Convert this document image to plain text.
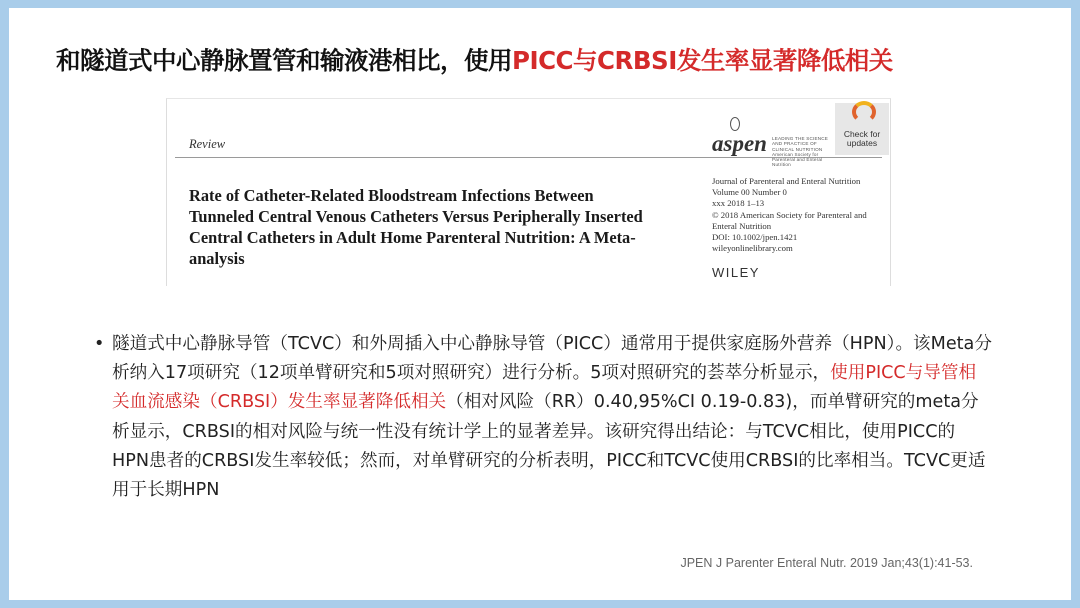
和隧道式中心静脉置管和输液港相比，使用PICC与CRBSI发生率显著降低相关
Review
Rate of Catheter-Related Bloodstream Infections Between Tunneled Central Venous Catheters Versus Peripherally Inserted Central Catheters in Adult Home Parenteral Nutrition: A Meta-analysis
aspen LEADING THE SCIENCE AND PRACTICE OF CLINICAL NUTRITION American Society for Parenteral and Enteral Nutrition
Check for updates
Journal of Parenteral and Enteral Nutrition
Volume 00 Number 0
xxx 2018 1–13
© 2018 American Society for Parenteral and Enteral Nutrition
DOI: 10.1002/jpen.1421
wileyonlinelibrary.com
WILEY
• 隧道式中心静脉导管（TCVC）和外周插入中心静脉导管（PICC）通常用于提供家庭肠外营养（HPN）。该Meta分析纳入17项研究（12项单臂研究和5项对照研究）进行分析。5项对照研究的荟萃分析显示，使用PICC与导管相关血流感染（CRBSI）发生率显著降低相关（相对风险（RR）0.40,95%CI 0.19-0.83)，而单臂研究的meta分析显示，CRBSI的相对风险与统一性没有统计学上的显著差异。该研究得出结论：与TCVC相比，使用PICC的HPN患者的CRBSI发生率较低；然而，对单臂研究的分析表明，PICC和TCVC使用CRBSI的比率相当。TCVC更适用于长期HPN
JPEN J Parenter Enteral Nutr. 2019 Jan;43(1):41-53.
